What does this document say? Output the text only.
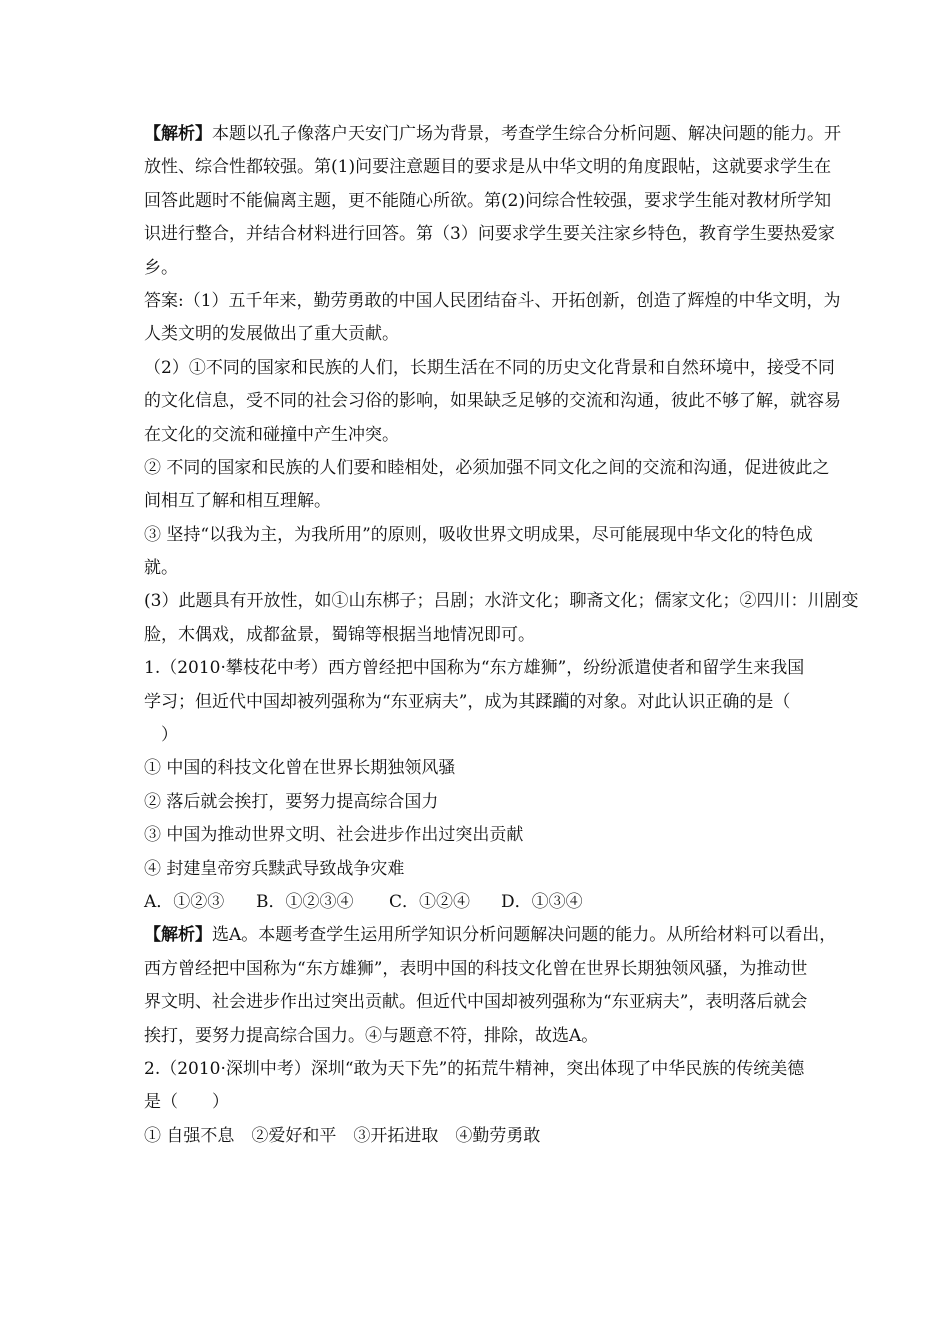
【解析】本题以孔子像落户天安门广场为背景，考查学生综合分析问题、解决问题的能力。开
放性、综合性都较强。第(1)问要注意题目的要求是从中华文明的角度跟帖，这就要求学生在
回答此题时不能偏离主题，更不能随心所欲。第(2)问综合性较强，要求学生能对教材所学知
识进行整合，并结合材料进行回答。第（3）问要求学生要关注家乡特色，教育学生要热爱家
乡。
答案:（1）五千年来，勤劳勇敢的中国人民团结奋斗、开拓创新，创造了辉煌的中华文明，为
人类文明的发展做出了重大贡献。
（2）①不同的国家和民族的人们，长期生活在不同的历史文化背景和自然环境中，接受不同
的文化信息，受不同的社会习俗的影响，如果缺乏足够的交流和沟通，彼此不够了解，就容易
在文化的交流和碰撞中产生冲突。
② 不同的国家和民族的人们要和睦相处，必须加强不同文化之间的交流和沟通，促进彼此之
间相互了解和相互理解。
③ 坚持“以我为主，为我所用”的原则，吸收世界文明成果，尽可能展现中华文化的特色成
就。
(3）此题具有开放性，如①山东梆子；吕剧；水浒文化；聊斋文化；儒家文化；②四川：川剧变
脸，木偶戏，成都盆景，蜀锦等根据当地情况即可。
1.（2010·攀枝花中考）西方曾经把中国称为“东方雄狮”，纷纷派遣使者和留学生来我国
学习；但近代中国却被列强称为“东亚病夫”，成为其蹂躏的对象。对此认识正确的是（
　）
① 中国的科技文化曾在世界长期独领风骚
② 落后就会挨打，要努力提高综合国力
③ 中国为推动世界文明、社会进步作出过突出贡献
④ 封建皇帝穷兵黩武导致战争灾难
A．①②③ B．①②③④ C．①②④ D．①③④
【解析】选A。本题考查学生运用所学知识分析问题解决问题的能力。从所给材料可以看出，
西方曾经把中国称为“东方雄狮”，表明中国的科技文化曾在世界长期独领风骚，为推动世
界文明、社会进步作出过突出贡献。但近代中国却被列强称为“东亚病夫”，表明落后就会
挨打，要努力提高综合国力。④与题意不符，排除，故选A。
2.（2010·深圳中考）深圳“敢为天下先”的拓荒牛精神，突出体现了中华民族的传统美德
是（　　）
① 自强不息　②爱好和平　③开拓进取　④勤劳勇敢
